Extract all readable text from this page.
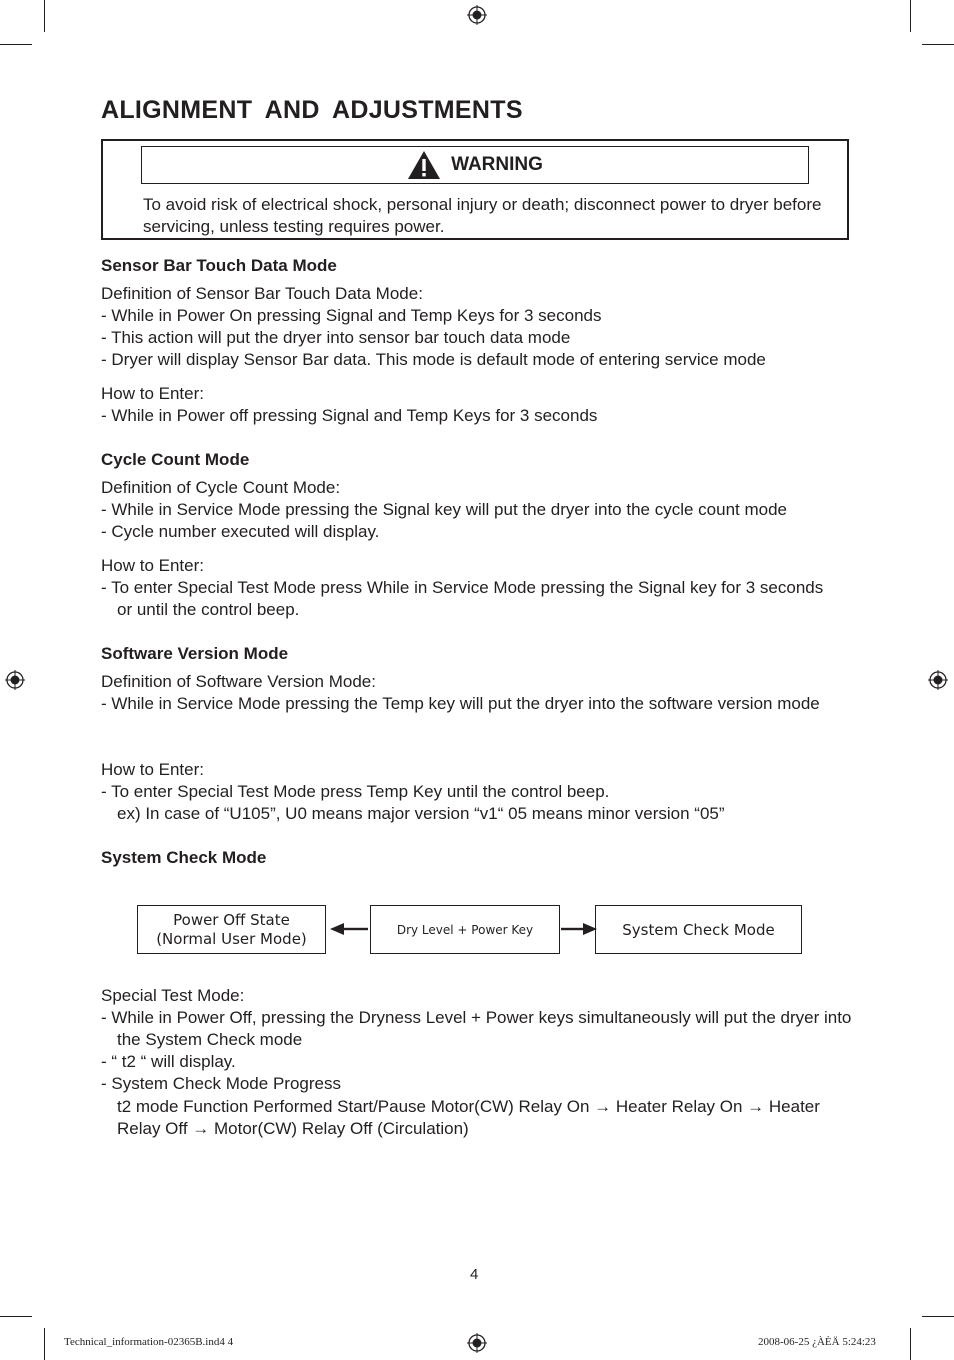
ALIGNMENT AND ADJUSTMENTS
WARNING
To avoid risk of electrical shock, personal injury or death; disconnect power to dryer before servicing, unless testing requires power.
Sensor Bar Touch Data Mode
Definition of Sensor Bar Touch Data Mode:
- While in Power On pressing Signal and Temp Keys for 3 seconds
- This action will put the dryer into sensor bar touch data mode
- Dryer will display Sensor Bar data. This mode is default mode of entering service mode
How to Enter:
- While in Power off pressing Signal and Temp Keys for 3 seconds
Cycle Count Mode
Definition of Cycle Count Mode:
- While in Service Mode pressing the Signal key will put the dryer into the cycle count mode
- Cycle number executed will display.
How to Enter:
- To enter Special Test Mode press While in Service Mode pressing the Signal key for 3 seconds or until the control beep.
Software Version Mode
Definition of Software Version Mode:
- While in Service Mode pressing the Temp key will put the dryer into the software version mode
How to Enter:
- To enter Special Test Mode press Temp Key until the control beep.
ex) In case of “U105”, U0 means major version “v1“ 05 means minor version “05”
System Check Mode
Power Off State
(Normal User Mode)	Dry Level + Power Key	System Check Mode
Special Test Mode:
- While in Power Off, pressing the Dryness Level + Power keys simultaneously will put the dryer into the System Check mode
- “ t2 “ will display.
- System Check Mode Progress
t2 mode Function Performed Start/Pause Motor(CW) Relay On → Heater Relay On → Heater Relay Off → Motor(CW) Relay Off (Circulation)
4
Technical_information-02365B.ind4 4	2008-06-25 ¿ÀÈÄ 5:24:23
